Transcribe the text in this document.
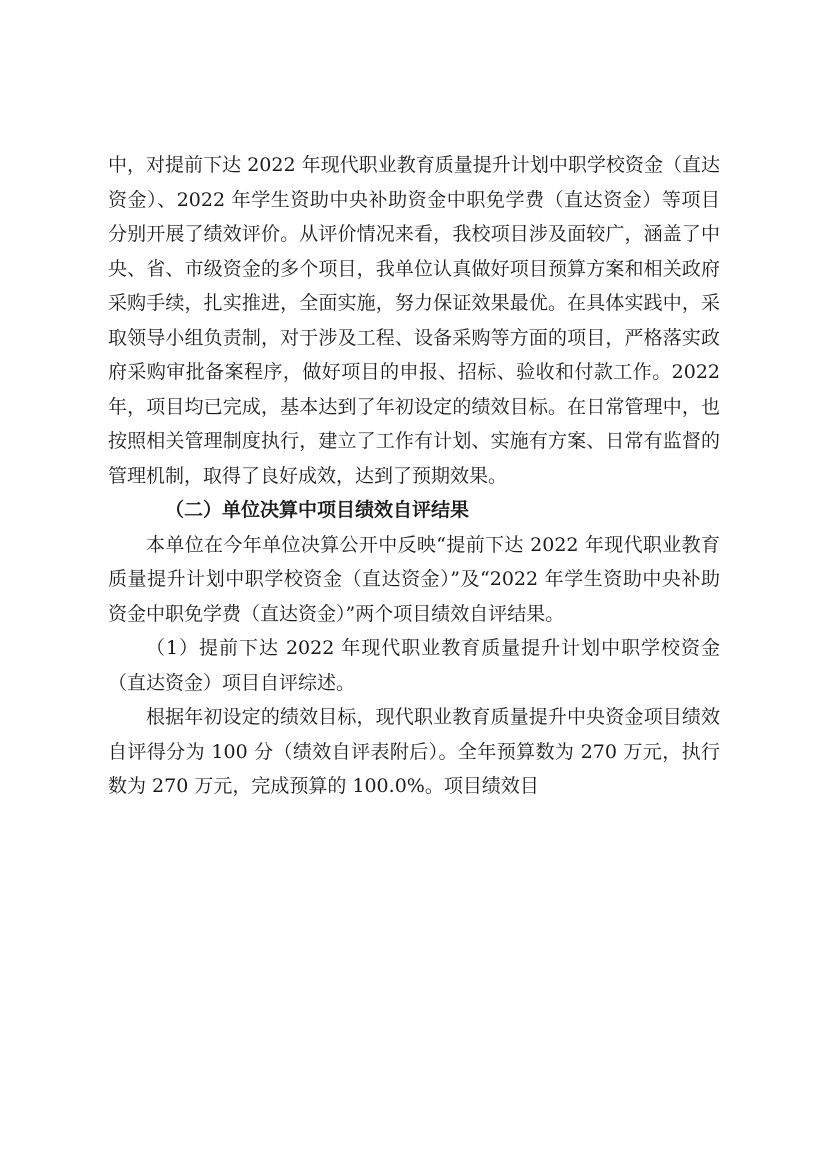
中，对提前下达 2022 年现代职业教育质量提升计划中职学校资金（直达资金）、2022 年学生资助中央补助资金中职免学费（直达资金）等项目分别开展了绩效评价。从评价情况来看，我校项目涉及面较广，涵盖了中央、省、市级资金的多个项目，我单位认真做好项目预算方案和相关政府采购手续，扎实推进，全面实施，努力保证效果最优。在具体实践中，采取领导小组负责制，对于涉及工程、设备采购等方面的项目，严格落实政府采购审批备案程序，做好项目的申报、招标、验收和付款工作。2022 年，项目均已完成，基本达到了年初设定的绩效目标。在日常管理中，也按照相关管理制度执行，建立了工作有计划、实施有方案、日常有监督的管理机制，取得了良好成效，达到了预期效果。

（二）单位决算中项目绩效自评结果

本单位在今年单位决算公开中反映“提前下达 2022 年现代职业教育质量提升计划中职学校资金（直达资金）”及“2022 年学生资助中央补助资金中职免学费（直达资金）”两个项目绩效自评结果。

（1）提前下达 2022 年现代职业教育质量提升计划中职学校资金（直达资金）项目自评综述。

根据年初设定的绩效目标，现代职业教育质量提升中央资金项目绩效自评得分为 100 分（绩效自评表附后）。全年预算数为 270 万元，执行数为 270 万元，完成预算的 100.0%。项目绩效目
